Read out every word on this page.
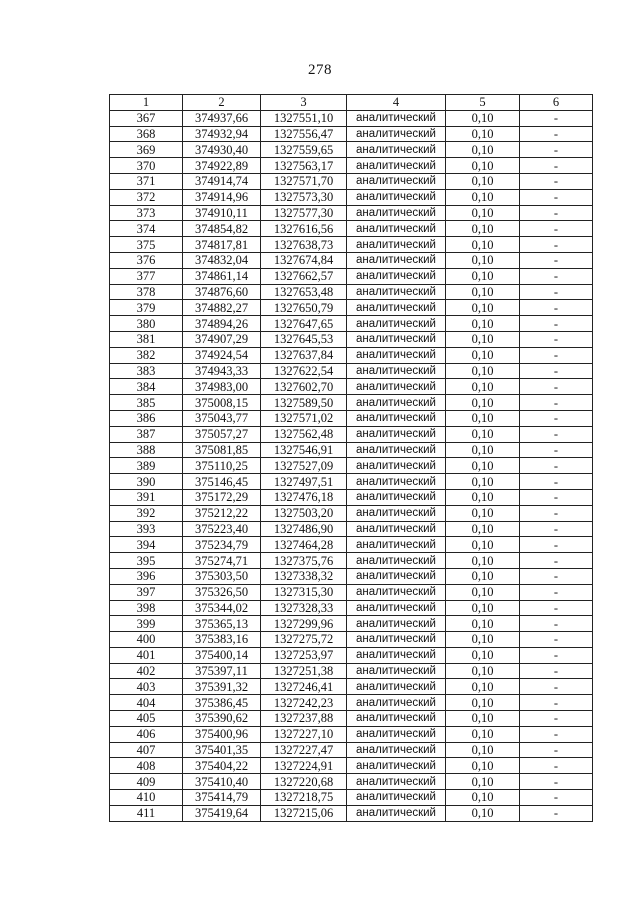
278
1	2	3	4	5	6
367	374937,66	1327551,10	аналитический	0,10	-
368	374932,94	1327556,47	аналитический	0,10	-
369	374930,40	1327559,65	аналитический	0,10	-
370	374922,89	1327563,17	аналитический	0,10	-
371	374914,74	1327571,70	аналитический	0,10	-
372	374914,96	1327573,30	аналитический	0,10	-
373	374910,11	1327577,30	аналитический	0,10	-
374	374854,82	1327616,56	аналитический	0,10	-
375	374817,81	1327638,73	аналитический	0,10	-
376	374832,04	1327674,84	аналитический	0,10	-
377	374861,14	1327662,57	аналитический	0,10	-
378	374876,60	1327653,48	аналитический	0,10	-
379	374882,27	1327650,79	аналитический	0,10	-
380	374894,26	1327647,65	аналитический	0,10	-
381	374907,29	1327645,53	аналитический	0,10	-
382	374924,54	1327637,84	аналитический	0,10	-
383	374943,33	1327622,54	аналитический	0,10	-
384	374983,00	1327602,70	аналитический	0,10	-
385	375008,15	1327589,50	аналитический	0,10	-
386	375043,77	1327571,02	аналитический	0,10	-
387	375057,27	1327562,48	аналитический	0,10	-
388	375081,85	1327546,91	аналитический	0,10	-
389	375110,25	1327527,09	аналитический	0,10	-
390	375146,45	1327497,51	аналитический	0,10	-
391	375172,29	1327476,18	аналитический	0,10	-
392	375212,22	1327503,20	аналитический	0,10	-
393	375223,40	1327486,90	аналитический	0,10	-
394	375234,79	1327464,28	аналитический	0,10	-
395	375274,71	1327375,76	аналитический	0,10	-
396	375303,50	1327338,32	аналитический	0,10	-
397	375326,50	1327315,30	аналитический	0,10	-
398	375344,02	1327328,33	аналитический	0,10	-
399	375365,13	1327299,96	аналитический	0,10	-
400	375383,16	1327275,72	аналитический	0,10	-
401	375400,14	1327253,97	аналитический	0,10	-
402	375397,11	1327251,38	аналитический	0,10	-
403	375391,32	1327246,41	аналитический	0,10	-
404	375386,45	1327242,23	аналитический	0,10	-
405	375390,62	1327237,88	аналитический	0,10	-
406	375400,96	1327227,10	аналитический	0,10	-
407	375401,35	1327227,47	аналитический	0,10	-
408	375404,22	1327224,91	аналитический	0,10	-
409	375410,40	1327220,68	аналитический	0,10	-
410	375414,79	1327218,75	аналитический	0,10	-
411	375419,64	1327215,06	аналитический	0,10	-
